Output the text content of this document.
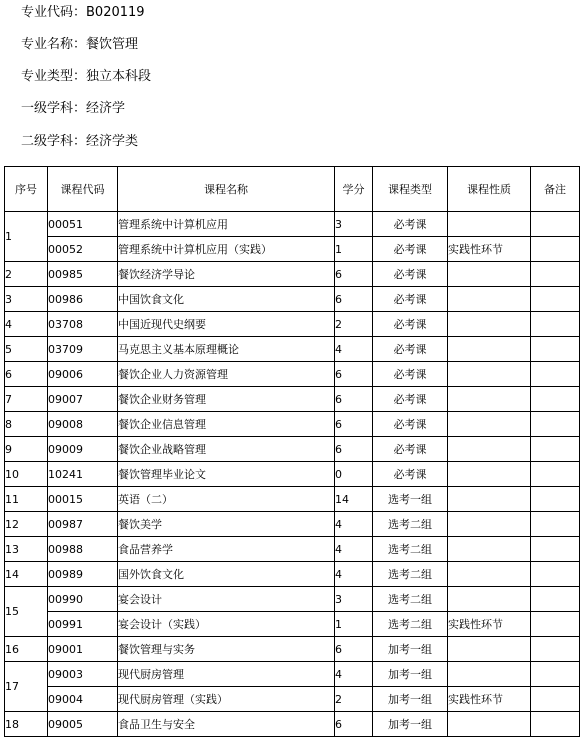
专业代码：B020119
专业名称：餐饮管理
专业类型：独立本科段
一级学科：经济学
二级学科：经济学类
序号	课程代码	课程名称	学分	课程类型	课程性质	备注
1	00051	管理系统中计算机应用	3	必考课		
	00052	管理系统中计算机应用（实践）	1	必考课	实践性环节	
2	00985	餐饮经济学导论	6	必考课		
3	00986	中国饮食文化	6	必考课		
4	03708	中国近现代史纲要	2	必考课		
5	03709	马克思主义基本原理概论	4	必考课		
6	09006	餐饮企业人力资源管理	6	必考课		
7	09007	餐饮企业财务管理	6	必考课		
8	09008	餐饮企业信息管理	6	必考课		
9	09009	餐饮企业战略管理	6	必考课		
10	10241	餐饮管理毕业论文	0	必考课		
11	00015	英语（二）	14	选考一组		
12	00987	餐饮美学	4	选考二组		
13	00988	食品营养学	4	选考二组		
14	00989	国外饮食文化	4	选考二组		
15	00990	宴会设计	3	选考二组		
	00991	宴会设计（实践）	1	选考二组	实践性环节	
16	09001	餐饮管理与实务	6	加考一组		
17	09003	现代厨房管理	4	加考一组		
	09004	现代厨房管理（实践）	2	加考一组	实践性环节	
18	09005	食品卫生与安全	6	加考一组		
